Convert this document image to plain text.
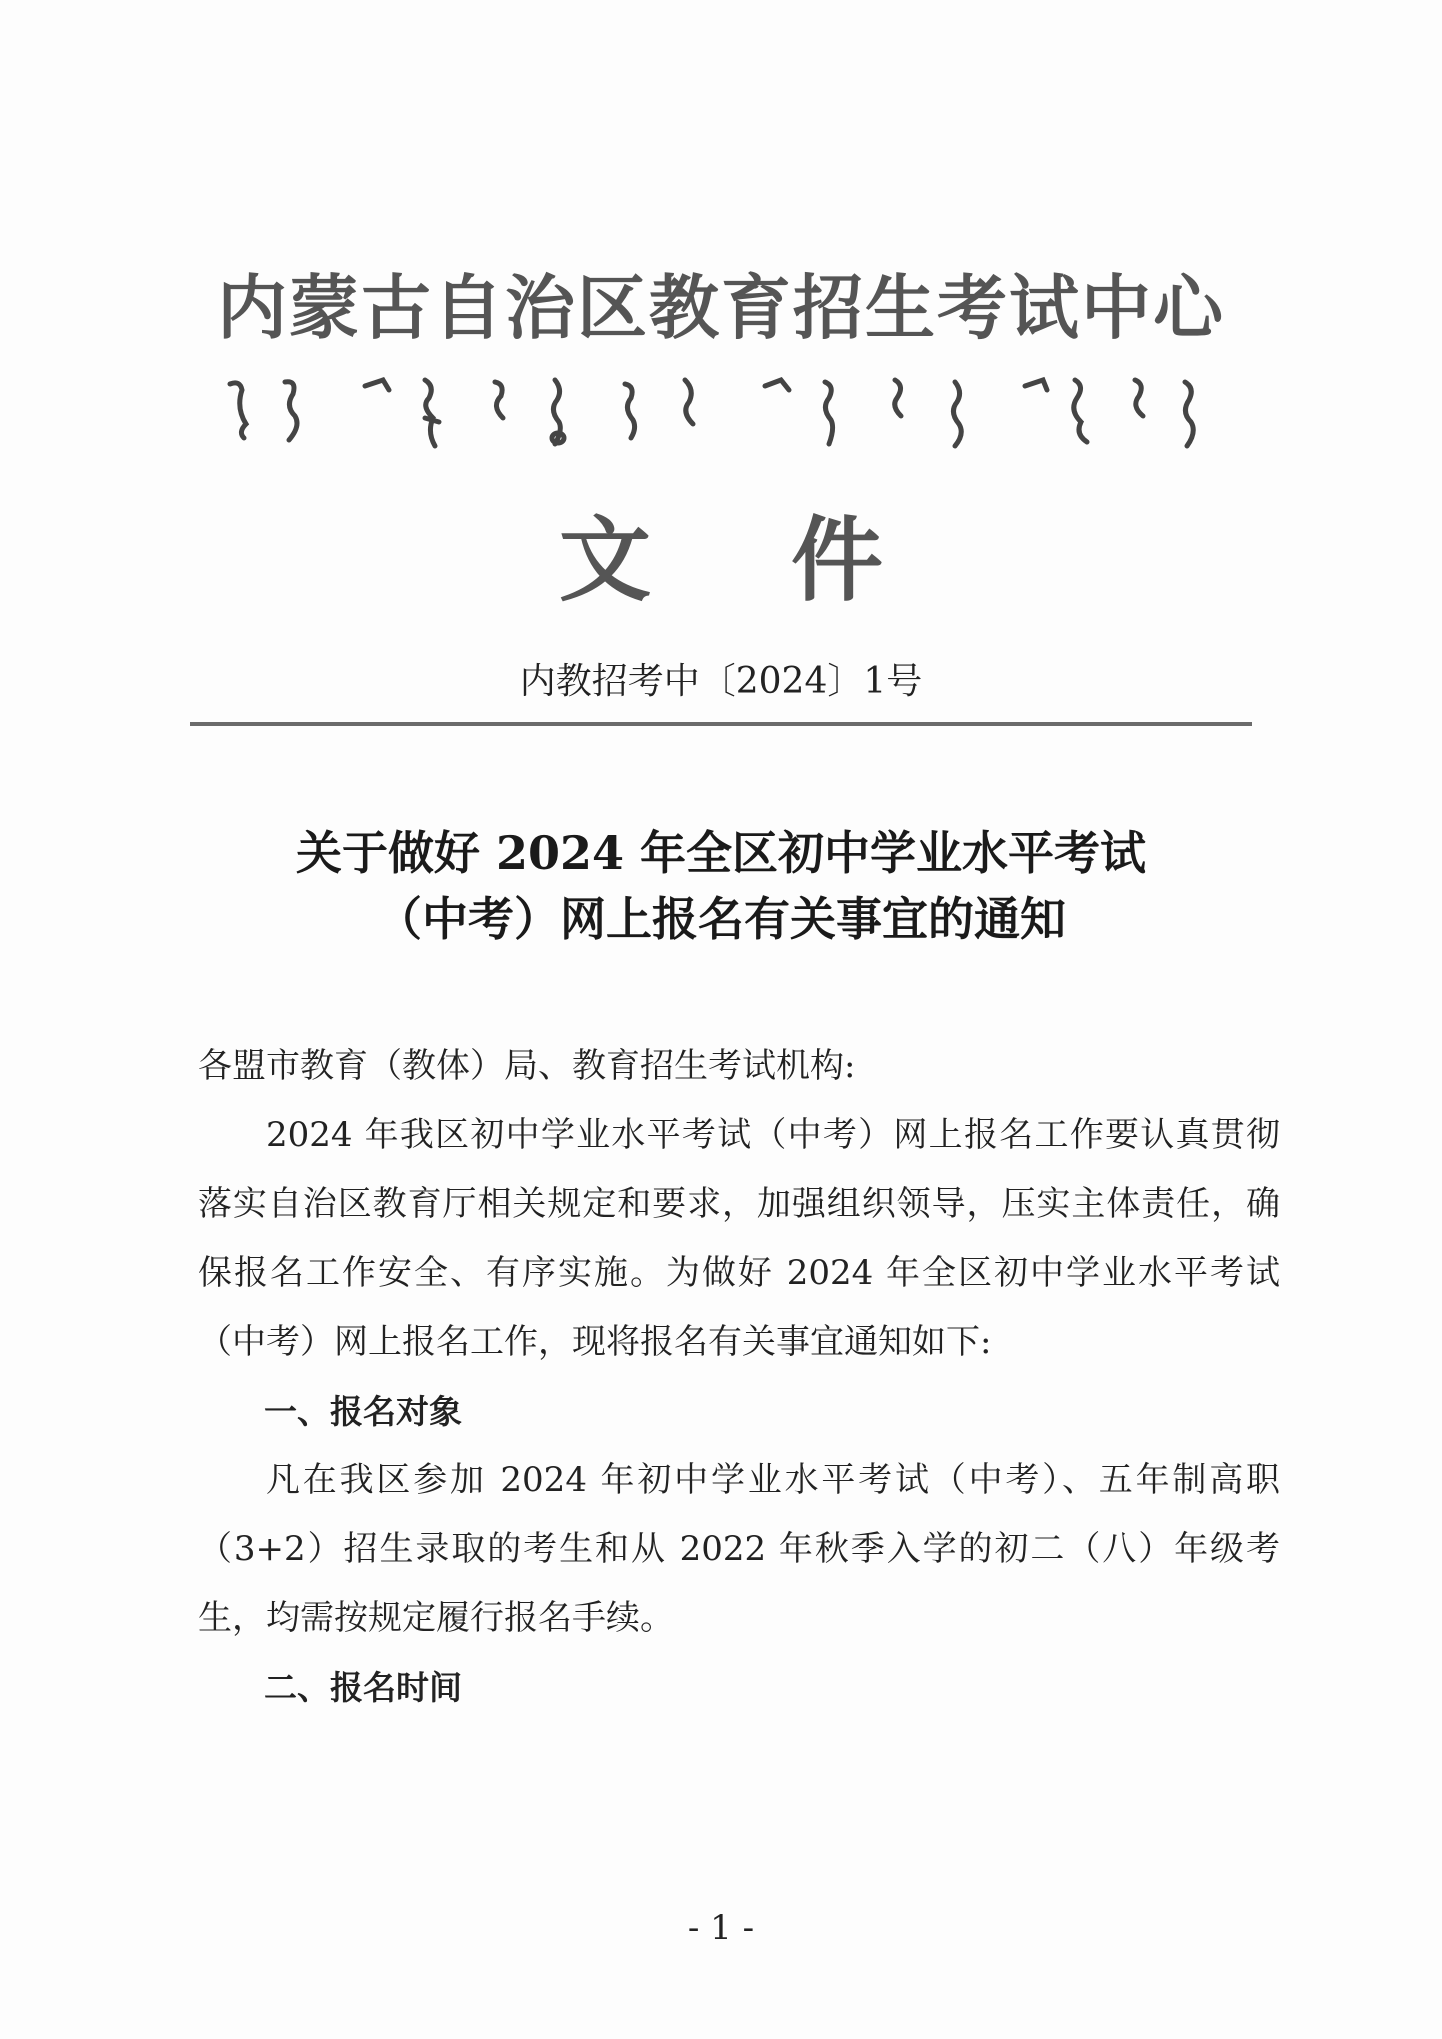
内蒙古自治区教育招生考试中心
ᠥᠪᠦᠷ ᠮᠣᠩᠭᠣᠯ ᠤᠨ ᠥᠪᠡᠷᠲᠡᠭᠡᠨ ᠵᠠᠰᠠᠬᠤ ᠣᠷᠣᠨ ᠤ ᠰᠤᠷᠭᠠᠨ ᠬᠦᠮᠦᠵᠢᠯ ᠦᠨ ᠰᠤᠷᠤᠭᠴᠢ ᠡᠯᠰᠡᠭᠦᠯᠬᠦ ᠰᠢᠯᠭᠠᠯᠲᠠ ᠶᠢᠨ ᠲᠥᠪ
文件
内教招考中〔2024〕1号
关于做好 2024 年全区初中学业水平考试
（中考）网上报名有关事宜的通知

各盟市教育（教体）局、教育招生考试机构:

2024 年我区初中学业水平考试（中考）网上报名工作要认真贯彻落实自治区教育厅相关规定和要求，加强组织领导，压实主体责任，确保报名工作安全、有序实施。为做好 2024 年全区初中学业水平考试（中考）网上报名工作，现将报名有关事宜通知如下:

一、报名对象

凡在我区参加 2024 年初中学业水平考试（中考）、五年制高职（3+2）招生录取的考生和从 2022 年秋季入学的初二（八）年级考生，均需按规定履行报名手续。

二、报名时间

- 1 -
